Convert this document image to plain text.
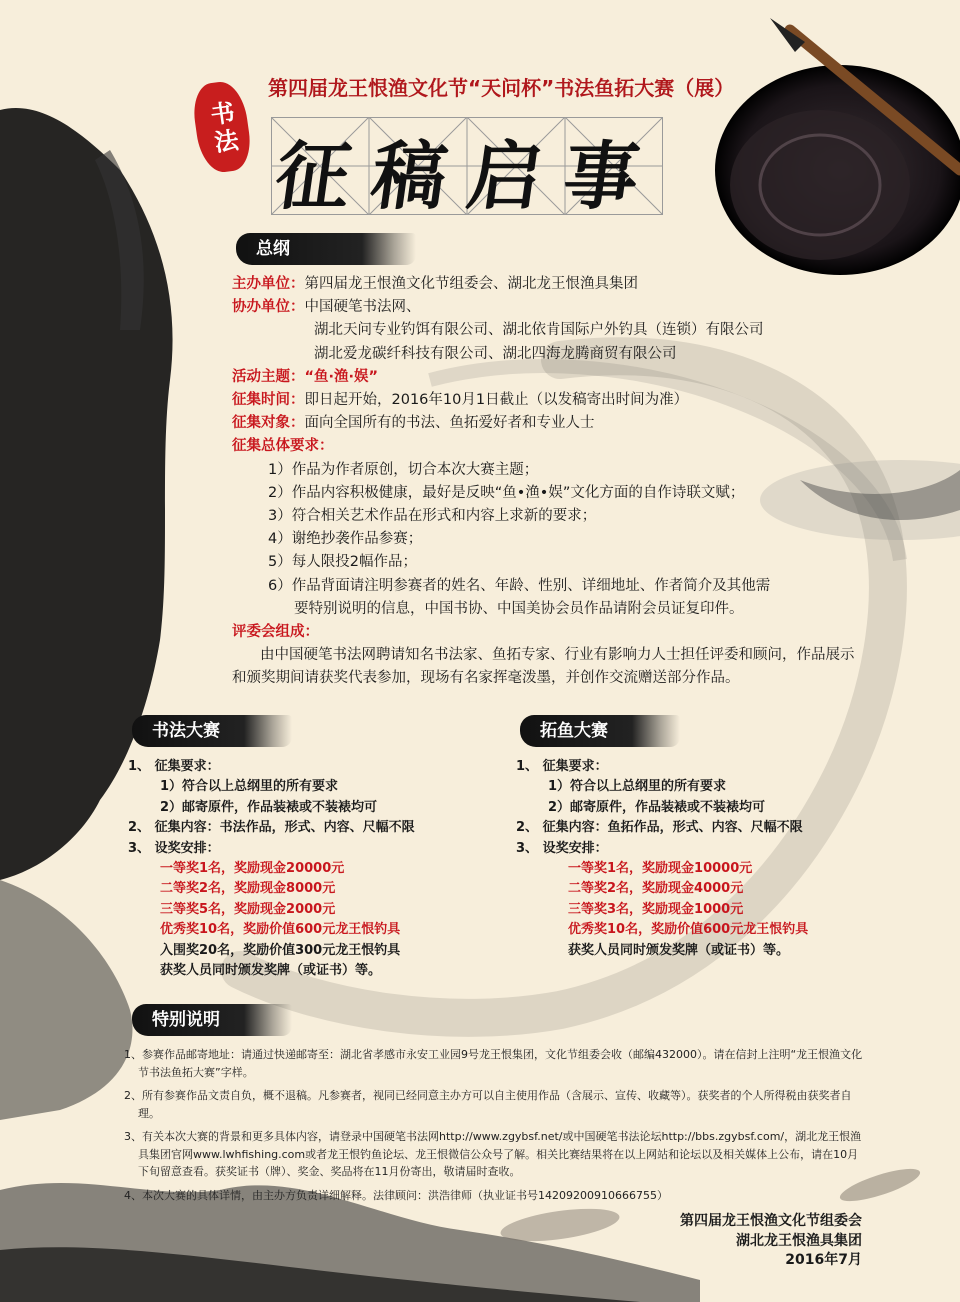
书法
第四届龙王恨渔文化节“天问杯”书法鱼拓大赛（展）
征稿启事
总纲
主办单位：第四届龙王恨渔文化节组委会、湖北龙王恨渔具集团
协办单位：中国硬笔书法网、
湖北天问专业钓饵有限公司、湖北依肯国际户外钓具（连锁）有限公司
湖北爱龙碳纤科技有限公司、湖北四海龙腾商贸有限公司
活动主题：“鱼·渔·娱”
征集时间：即日起开始，2016年10月1日截止（以发稿寄出时间为准）
征集对象：面向全国所有的书法、鱼拓爱好者和专业人士
征集总体要求：
1）作品为作者原创，切合本次大赛主题；
2）作品内容积极健康，最好是反映“鱼•渔•娱”文化方面的自作诗联文赋；
3）符合相关艺术作品在形式和内容上求新的要求；
4）谢绝抄袭作品参赛；
5）每人限投2幅作品；
6）作品背面请注明参赛者的姓名、年龄、性别、详细地址、作者简介及其他需
要特别说明的信息，中国书协、中国美协会员作品请附会员证复印件。
评委会组成：
由中国硬笔书法网聘请知名书法家、鱼拓专家、行业有影响力人士担任评委和顾问，作品展示和颁奖期间请获奖代表参加，现场有名家挥毫泼墨，并创作交流赠送部分作品。
书法大赛
1、 征集要求：
1）符合以上总纲里的所有要求
2）邮寄原件，作品装裱或不装裱均可
2、 征集内容：书法作品，形式、内容、尺幅不限
3、 设奖安排：
一等奖1名，奖励现金20000元
二等奖2名，奖励现金8000元
三等奖5名，奖励现金2000元
优秀奖10名，奖励价值600元龙王恨钓具
入围奖20名，奖励价值300元龙王恨钓具
获奖人员同时颁发奖牌（或证书）等。
拓鱼大赛
1、 征集要求：
1）符合以上总纲里的所有要求
2）邮寄原件，作品装裱或不装裱均可
2、 征集内容：鱼拓作品，形式、内容、尺幅不限
3、 设奖安排：
一等奖1名，奖励现金10000元
二等奖2名，奖励现金4000元
三等奖3名，奖励现金1000元
优秀奖10名，奖励价值600元龙王恨钓具
获奖人员同时颁发奖牌（或证书）等。
特别说明

1、参赛作品邮寄地址：请通过快递邮寄至：湖北省孝感市永安工业园9号龙王恨集团，文化节组委会收（邮编432000）。请在信封上注明“龙王恨渔文化节书法鱼拓大赛”字样。

2、所有参赛作品文责自负，概不退稿。凡参赛者，视同已经同意主办方可以自主使用作品（含展示、宣传、收藏等）。获奖者的个人所得税由获奖者自理。

3、有关本次大赛的背景和更多具体内容，请登录中国硬笔书法网http://www.zgybsf.net/或中国硬笔书法论坛http://bbs.zgybsf.com/，湖北龙王恨渔具集团官网www.lwhfishing.com或者龙王恨钓鱼论坛、龙王恨微信公众号了解。相关比赛结果将在以上网站和论坛以及相关媒体上公布，请在10月下旬留意查看。获奖证书（牌）、奖金、奖品将在11月份寄出，敬请届时查收。

4、本次大赛的具体详情，由主办方负责详细解释。法律顾问：洪浩律师（执业证书号14209200910666755）

第四届龙王恨渔文化节组委会
湖北龙王恨渔具集团
2016年7月
